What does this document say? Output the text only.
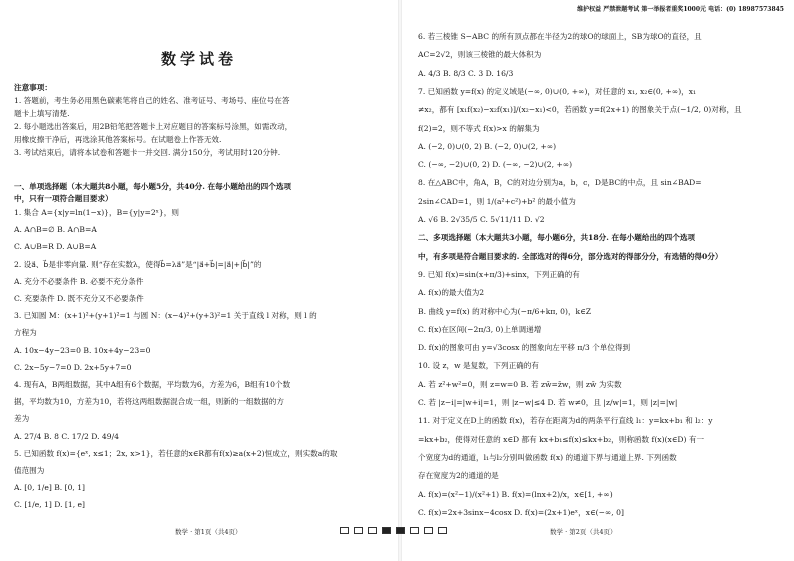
数学试卷
注意事项：
1. 答题前，考生务必用黑色碳素笔将自己的姓名、准考证号、考场号、座位号在答
题卡上填写清楚.
2. 每小题选出答案后，用2B铅笔把答题卡上对应题目的答案标号涂黑，如需改动，
用橡皮擦干净后，再选涂其他答案标号。在试题卷上作答无效.
3. 考试结束后，请将本试卷和答题卡一并交回. 满分150分，考试用时120分钟.
一、单项选择题（本大题共8小题，每小题5分，共40分. 在每小题给出的四个选项
中，只有一项符合题目要求）
1. 集合 A={x|y=ln(1−x)}，B={y|y=2ˣ}，则
A. A∩B=∅ B. A∩B=A
C. A∪B=R D. A∪B=A
2. 设a⃗、b⃗是非零向量. 则“存在实数λ，使得b⃗=λa⃗”是“|a⃗+b⃗|=|a⃗|+|b⃗|”的
A. 充分不必要条件 B. 必要不充分条件
C. 充要条件 D. 既不充分又不必要条件
3. 已知圆 M：(x+1)²+(y+1)²=1 与圆 N：(x−4)²+(y+3)²=1 关于直线 l 对称，则 l 的
方程为
A. 10x−4y−23=0 B. 10x+4y−23=0
C. 2x−5y−7=0 D. 2x+5y+7=0
4. 现有A，B两组数据，其中A组有6个数据，平均数为6，方差为6，B组有10个数
据，平均数为10，方差为10，若将这两组数据混合成一组，则新的一组数据的方
差为
A. 27/4 B. 8 C. 17/2 D. 49/4
5. 已知函数 f(x)={eˣ, x≤1；2x, x>1}，若任意的x∈R都有f(x)≥a(x+2)恒成立，则实数a的取
值范围为
A. [0, 1/e] B. [0, 1]
C. [1/e, 1] D. [1, e]
数学 · 第1页（共4页）
维护权益 严禁泄题考试 第一举报者重奖1000元 电话：(0) 18987573845
6. 若三棱锥 S−ABC 的所有顶点都在半径为2的球O的球面上，SB为球O的直径，且
AC=2√2，则该三棱锥的最大体积为
A. 4/3 B. 8/3 C. 3 D. 16/3
7. 已知函数 y=f(x) 的定义域是(−∞, 0)∪(0, +∞)，对任意的 x₁, x₂∈(0, +∞)，x₁
≠x₂，都有 [x₁f(x₂)−x₂f(x₁)]/(x₂−x₁)<0，若函数 y=f(2x+1) 的图象关于点(−1/2, 0)对称，且
f(2)=2，则不等式 f(x)>x 的解集为
A. (−2, 0)∪(0, 2) B. (−2, 0)∪(2, +∞)
C. (−∞, −2)∪(0, 2) D. (−∞, −2)∪(2, +∞)
8. 在△ABC中，角A，B，C的对边分别为a，b，c，D是BC的中点，且 sin∠BAD=
2sin∠CAD=1，则 1/(a²+c²)+b² 的最小值为
A. √6 B. 2√35/5 C. 5√11/11 D. √2
二、多项选择题（本大题共3小题，每小题6分，共18分. 在每小题给出的四个选项
中，有多项是符合题目要求的. 全部选对的得6分，部分选对的得部分分，有选错的得0分）
9. 已知 f(x)=sin(x+π/3)+sinx，下列正确的有
A. f(x)的最大值为2
B. 曲线 y=f(x) 的对称中心为(−π/6+kπ, 0)，k∈Z
C. f(x)在区间(−2π/3, 0)上单调递增
D. f(x)的图象可由 y=√3cosx 的图象向左平移 π/3 个单位得到
10. 设 z，w 是复数，下列正确的有
A. 若 z²+w²=0，则 z=w=0 B. 若 zw̄=z̄w，则 zw̄ 为实数
C. 若 |z−i|=|w+i|=1，则 |z−w|≤4 D. 若 w≠0，且 |z/w|=1，则 |z|=|w|
11. 对于定义在D上的函数 f(x)，若存在距离为d的两条平行直线 l₁：y=kx+b₁ 和 l₂：y
=kx+b₂，使得对任意的 x∈D 都有 kx+b₁≤f(x)≤kx+b₂，则称函数 f(x)(x∈D) 有一
个宽度为d的通道，l₁与l₂分别叫做函数 f(x) 的通道下界与通道上界. 下列函数
存在宽度为2的通道的是
A. f(x)=(x²−1)/(x²+1) B. f(x)=(lnx+2)/x，x∈[1, +∞)
C. f(x)=2x+3sinx−4cosx D. f(x)=(2x+1)eˣ，x∈(−∞, 0]
数学 · 第2页（共4页）
